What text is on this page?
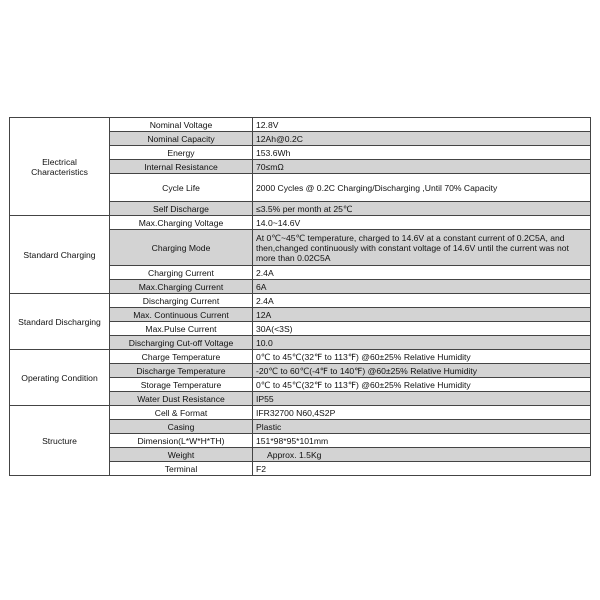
Electrical Characteristics	Nominal Voltage	12.8V
	Nominal Capacity	12Ah@0.2C
	Energy	153.6Wh
	Internal Resistance	70≤mΩ
	Cycle Life	2000 Cycles @ 0.2C Charging/Discharging ,Until 70% Capacity
	Self Discharge	≤3.5% per month at 25℃
Standard Charging	Max.Charging Voltage	14.0~14.6V
	Charging Mode	At 0℃~45℃ temperature, charged to 14.6V at a constant current of 0.2C5A, and then,changed continuously with constant voltage of 14.6V until the current was not more than 0.02C5A
	Charging Current	2.4A
	Max.Charging Current	6A
Standard Discharging	Discharging Current	2.4A
	Max. Continuous Current	12A
	Max.Pulse Current	30A(<3S)
	Discharging Cut-off Voltage	10.0
Operating Condition	Charge Temperature	0℃ to 45℃(32℉ to 113℉) @60±25% Relative Humidity
	Discharge Temperature	-20℃ to 60℃(-4℉ to 140℉) @60±25% Relative Humidity
	Storage Temperature	0℃ to 45℃(32℉ to 113℉) @60±25% Relative Humidity
	Water Dust Resistance	IP55
Structure	Cell & Format	IFR32700 N60,4S2P
	Casing	Plastic
	Dimension(L*W*H*TH)	151*98*95*101mm
	Weight	Approx. 1.5Kg
	Terminal	F2
